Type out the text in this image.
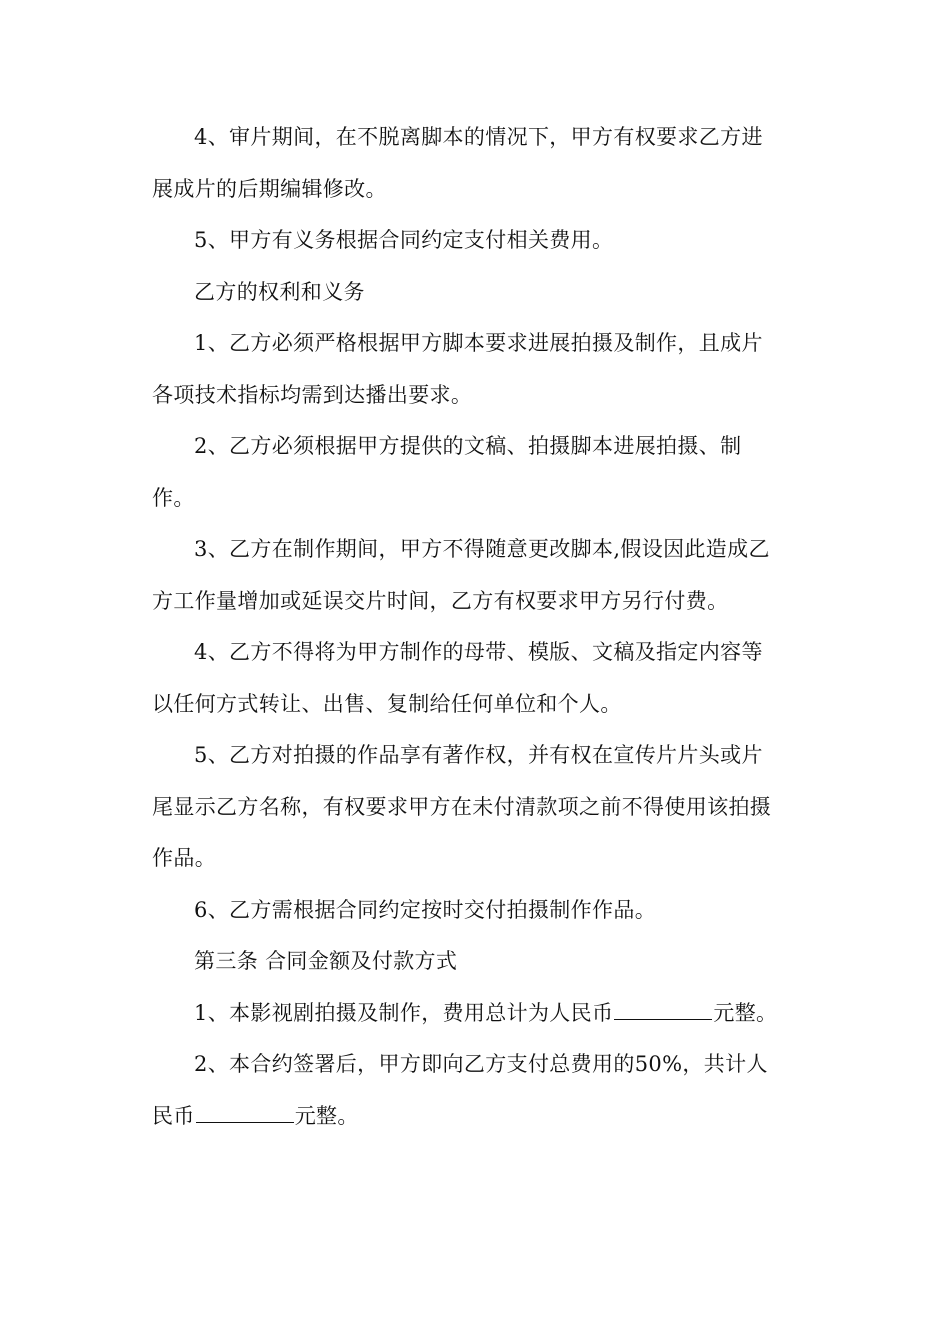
4、审片期间，在不脱离脚本的情况下，甲方有权要求乙方进
展成片的后期编辑修改。

5、甲方有义务根据合同约定支付相关费用。

乙方的权利和义务

1、乙方必须严格根据甲方脚本要求进展拍摄及制作，且成片
各项技术指标均需到达播出要求。

2、乙方必须根据甲方提供的文稿、拍摄脚本进展拍摄、制
作。

3、乙方在制作期间，甲方不得随意更改脚本,假设因此造成乙
方工作量增加或延误交片时间，乙方有权要求甲方另行付费。

4、乙方不得将为甲方制作的母带、模版、文稿及指定内容等
以任何方式转让、出售、复制给任何单位和个人。

5、乙方对拍摄的作品享有著作权，并有权在宣传片片头或片
尾显示乙方名称，有权要求甲方在未付清款项之前不得使用该拍摄
作品。

6、乙方需根据合同约定按时交付拍摄制作作品。

第三条 合同金额及付款方式

1、本影视剧拍摄及制作，费用总计为人民币	元整。

2、本合约签署后，甲方即向乙方支付总费用的50%，共计人
民币	元整。
